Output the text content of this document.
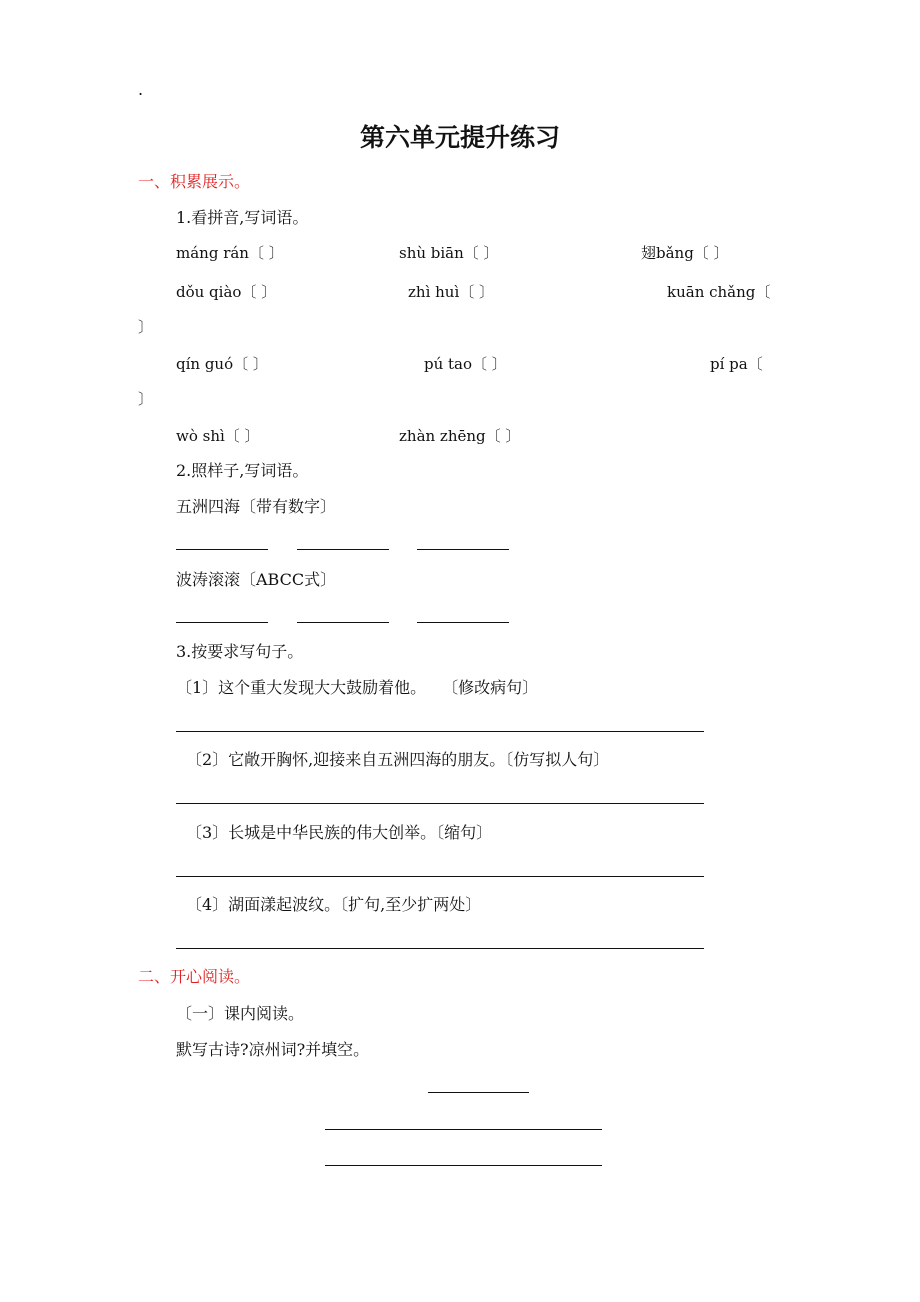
.
第六单元提升练习
一、积累展示。
1.看拼音,写词语。
máng rán〔 〕	shù biān〔 〕	翅bǎng〔 〕
dǒu qiào〔 〕	zhì huì〔 〕	kuān chǎng〔
〕
qín guó〔 〕	pú tao〔 〕	pí pa〔
〕
wò shì〔 〕	zhàn zhēng〔 〕
2.照样子,写词语。
五洲四海〔带有数字〕
波涛滚滚〔ABCC式〕
3.按要求写句子。
〔1〕这个重大发现大大鼓励着他。　　〔修改病句〕
〔2〕它敞开胸怀,迎接来自五洲四海的朋友。〔仿写拟人句〕
〔3〕长城是中华民族的伟大创举。〔缩句〕
〔4〕湖面漾起波纹。〔扩句,至少扩两处〕
二、开心阅读。
〔一〕课内阅读。
默写古诗?凉州词?并填空。
